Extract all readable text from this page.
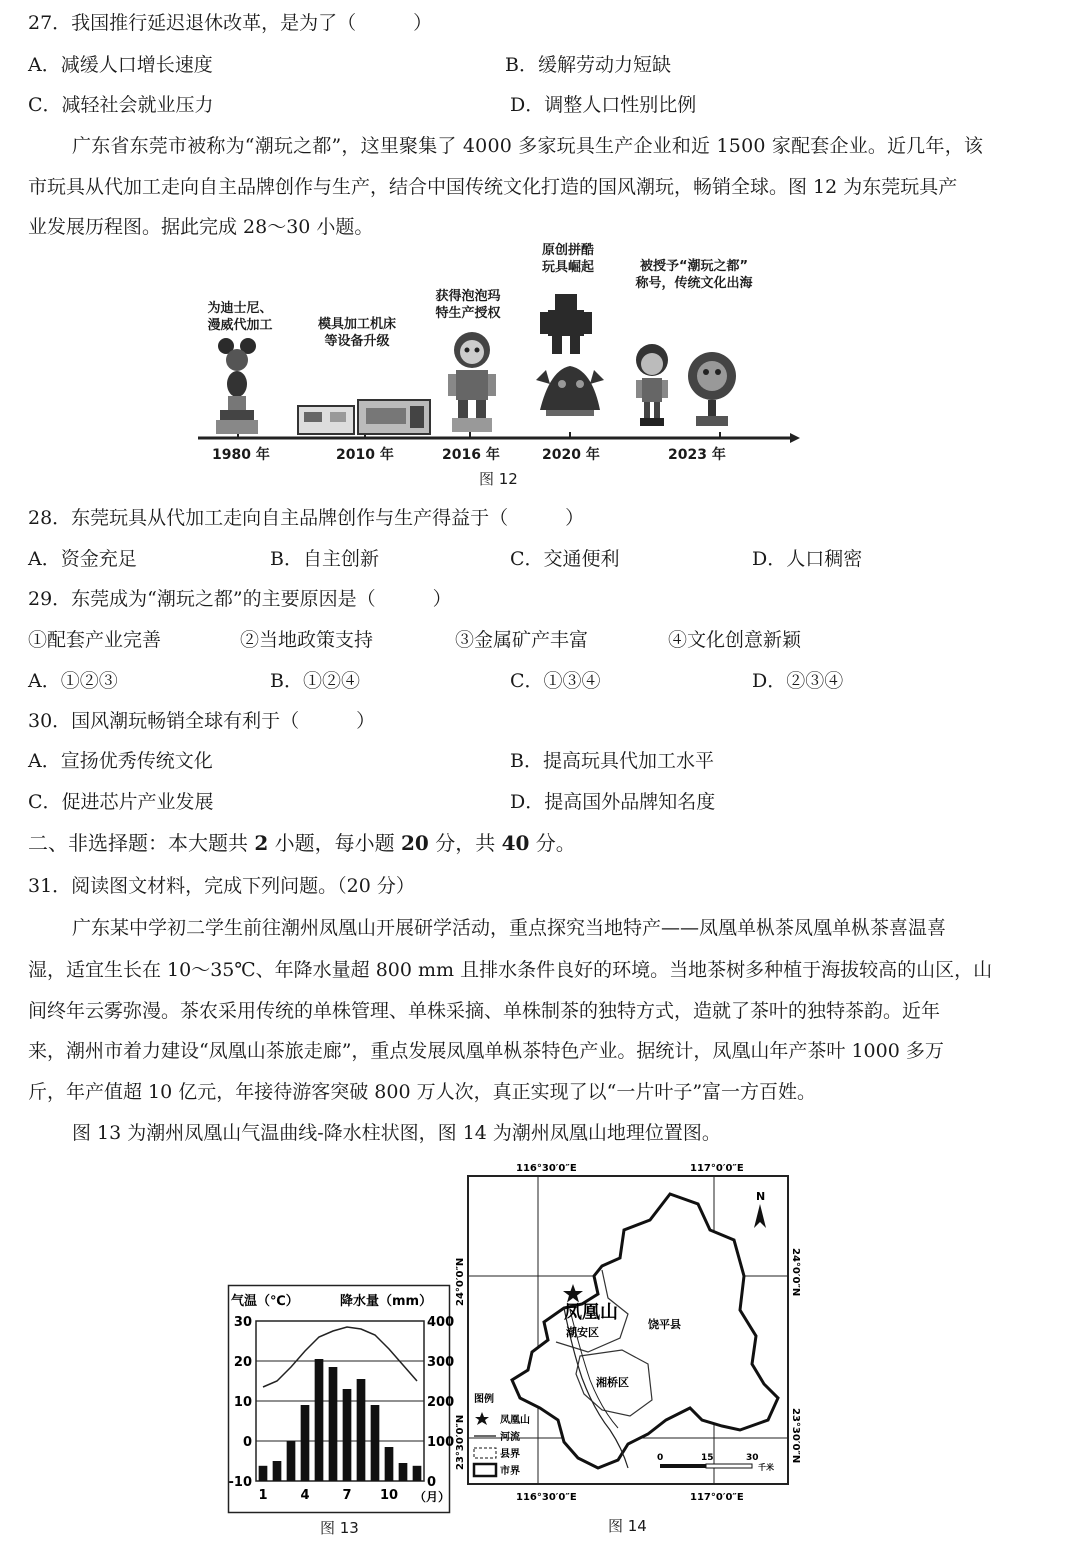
27．我国推行延迟退休改革，是为了（　　　）
A．减缓人口增长速度	B．缓解劳动力短缺
C．减轻社会就业压力	D．调整人口性别比例
广东省东莞市被称为“潮玩之都”，这里聚集了 4000 多家玩具生产企业和近 1500 家配套企业。近几年，该
市玩具从代加工走向自主品牌创作与生产，结合中国传统文化打造的国风潮玩，畅销全球。图 12 为东莞玩具产
业发展历程图。据此完成 28～30 小题。
为迪士尼、
漫威代加工	模具加工机床
等设备升级
获得泡泡玛
特生产授权
原创拼酷
玩具崛起	被授予“潮玩之都”
称号，传统文化出海
1980 年	2010 年	2016 年	2020 年	2023 年
图 12
28．东莞玩具从代加工走向自主品牌创作与生产得益于（　　　）
A．资金充足	B．自主创新	C．交通便利	D．人口稠密
29．东莞成为“潮玩之都”的主要原因是（　　　）
①配套产业完善	②当地政策支持	③金属矿产丰富	④文化创意新颖
A．①②③	B．①②④	C．①③④	D．②③④
30．国风潮玩畅销全球有利于（　　　）
A．宣扬优秀传统文化	B．提高玩具代加工水平
C．促进芯片产业发展	D．提高国外品牌知名度
二、非选择题：本大题共 2 小题，每小题 20 分，共 40 分。
31．阅读图文材料，完成下列问题。（20 分）
广东某中学初二学生前往潮州凤凰山开展研学活动，重点探究当地特产——凤凰单枞茶凤凰单枞茶喜温喜
湿，适宜生长在 10～35℃、年降水量超 800 mm 且排水条件良好的环境。当地茶树多种植于海拔较高的山区，山
间终年云雾弥漫。茶农采用传统的单株管理、单株采摘、单株制茶的独特方式，造就了茶叶的独特茶韵。近年
来，潮州市着力建设“凤凰山茶旅走廊”，重点发展凤凰单枞茶特色产业。据统计，凤凰山年产茶叶 1000 多万
斤，年产值超 10 亿元，年接待游客突破 800 万人次，真正实现了以“一片叶子”富一方百姓。
图 13 为潮州凤凰山气温曲线-降水柱状图，图 14 为潮州凤凰山地理位置图。
气温（℃）	降水量（mm）
30
20
10
0
-10
400
300
200
100
0
1	4	7 10 （月）
图 13
N
凤凰山
潮安区
饶平县
湘桥区
图例
凤凰山
河流
县界
市界
0	15	30
千米
116°30′0″E	117°0′0″E
116°30′0″E	117°0′0″E
24°0′0″N
23°30′0″N
24°0′0″N
23°30′0″N
图 14
